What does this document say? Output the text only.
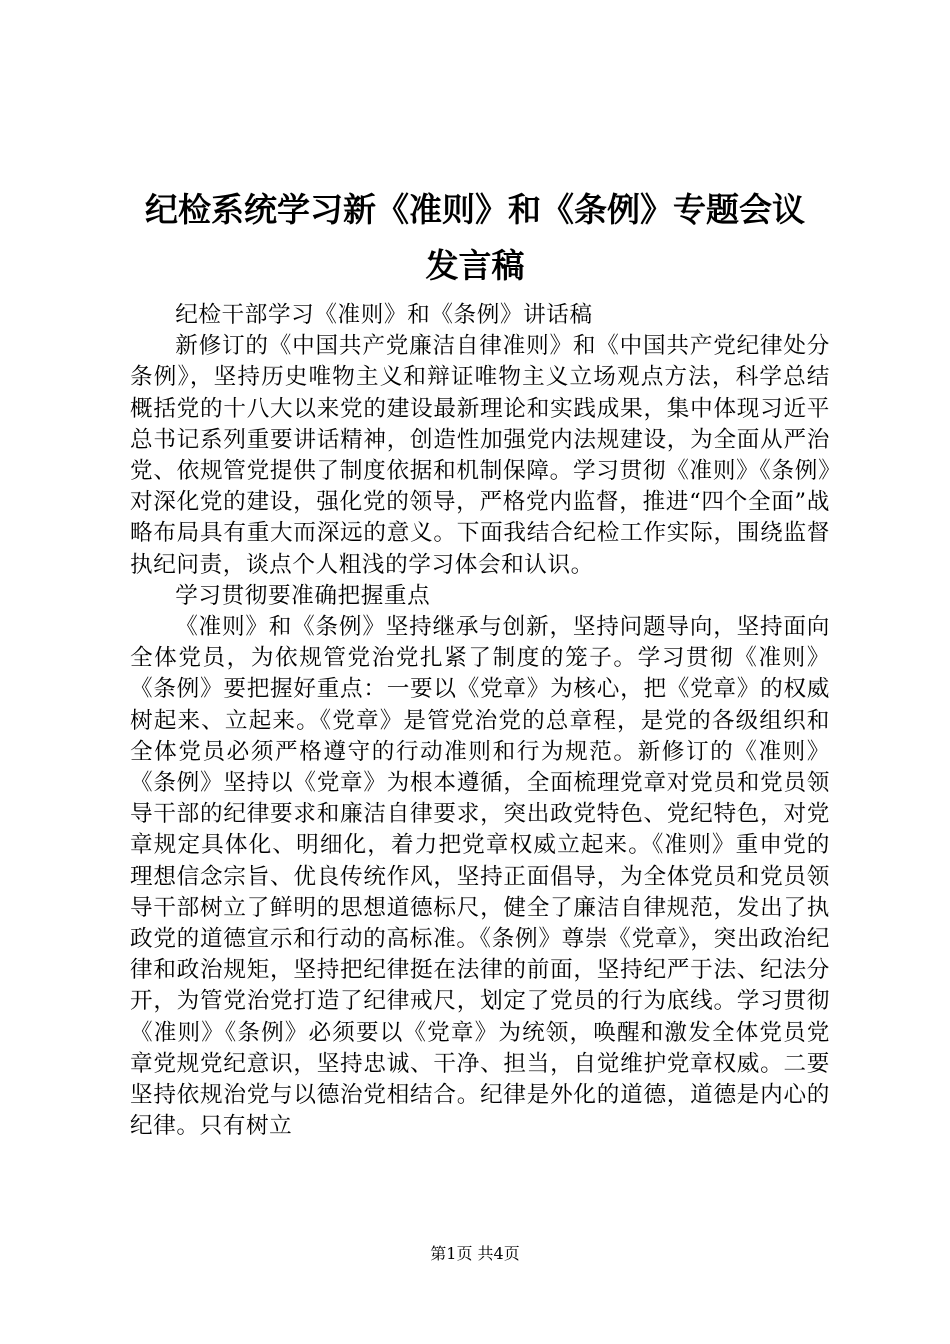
纪检系统学习新《准则》和《条例》专题会议
发言稿

纪检干部学习《准则》和《条例》讲话稿

新修订的《中国共产党廉洁自律准则》和《中国共产党纪律处分条例》，坚持历史唯物主义和辩证唯物主义立场观点方法，科学总结概括党的十八大以来党的建设最新理论和实践成果，集中体现习近平总书记系列重要讲话精神，创造性加强党内法规建设，为全面从严治党、依规管党提供了制度依据和机制保障。学习贯彻《准则》《条例》对深化党的建设，强化党的领导，严格党内监督，推进“四个全面”战略布局具有重大而深远的意义。下面我结合纪检工作实际，围绕监督执纪问责，谈点个人粗浅的学习体会和认识。

学习贯彻要准确把握重点

《准则》和《条例》坚持继承与创新，坚持问题导向，坚持面向全体党员，为依规管党治党扎紧了制度的笼子。学习贯彻《准则》《条例》要把握好重点：一要以《党章》为核心，把《党章》的权威树起来、立起来。《党章》是管党治党的总章程，是党的各级组织和全体党员必须严格遵守的行动准则和行为规范。新修订的《准则》《条例》坚持以《党章》为根本遵循，全面梳理党章对党员和党员领导干部的纪律要求和廉洁自律要求，突出政党特色、党纪特色，对党章规定具体化、明细化，着力把党章权威立起来。《准则》重申党的理想信念宗旨、优良传统作风，坚持正面倡导，为全体党员和党员领导干部树立了鲜明的思想道德标尺，健全了廉洁自律规范，发出了执政党的道德宣示和行动的高标准。《条例》尊崇《党章》，突出政治纪律和政治规矩，坚持把纪律挺在法律的前面，坚持纪严于法、纪法分开，为管党治党打造了纪律戒尺，划定了党员的行为底线。学习贯彻《准则》《条例》必须要以《党章》为统领，唤醒和激发全体党员党章党规党纪意识，坚持忠诚、干净、担当，自觉维护党章权威。二要坚持依规治党与以德治党相结合。纪律是外化的道德，道德是内心的纪律。只有树立

第1页 共4页
